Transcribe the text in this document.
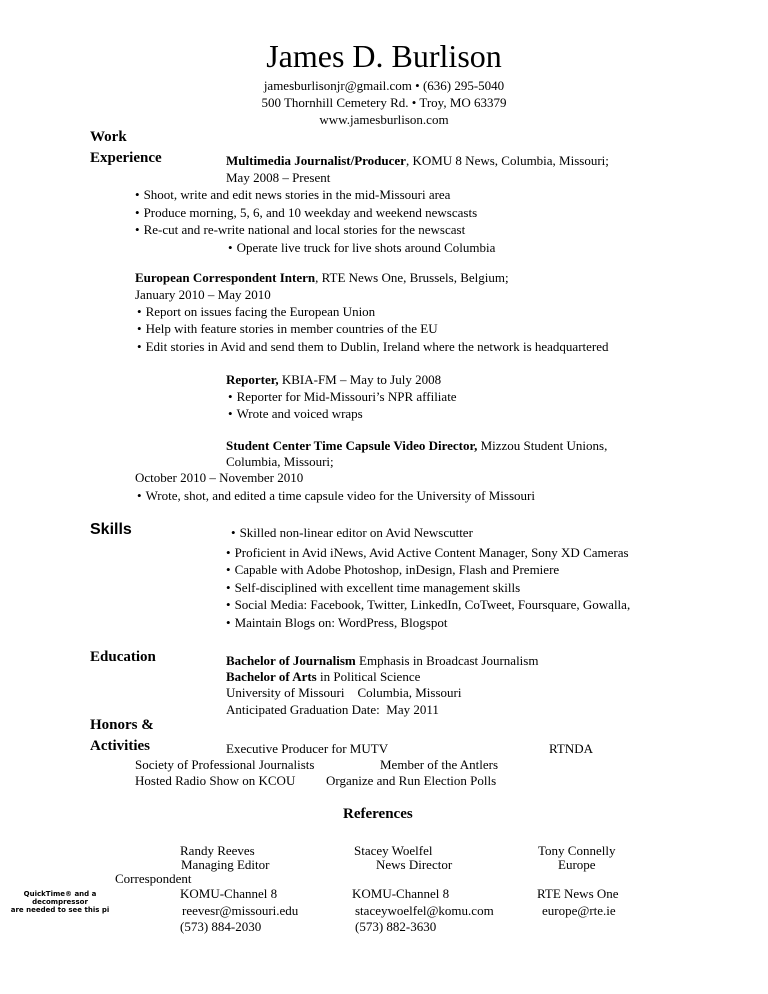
James D. Burlison
jamesburlisonjr@gmail.com • (636) 295-5040
500 Thornhill Cemetery Rd. • Troy, MO 63379
www.jamesburlison.com
Work
Experience	Multimedia Journalist/Producer, KOMU 8 News, Columbia, Missouri;
May 2008 – Present
• Shoot, write and edit news stories in the mid-Missouri area
• Produce morning, 5, 6, and 10 weekday and weekend newscasts
• Re-cut and re-write national and local stories for the newscast
• Operate live truck for live shots around Columbia
European Correspondent Intern, RTE News One, Brussels, Belgium;
January 2010 – May 2010
• Report on issues facing the European Union
• Help with feature stories in member countries of the EU
• Edit stories in Avid and send them to Dublin, Ireland where the network is headquartered
Reporter, KBIA-FM – May to July 2008
• Reporter for Mid-Missouri’s NPR affiliate
• Wrote and voiced wraps
Student Center Time Capsule Video Director, Mizzou Student Unions,
Columbia, Missouri;
October 2010 – November 2010
• Wrote, shot, and edited a time capsule video for the University of Missouri
Skills
•	Skilled non-linear editor on Avid Newscutter
• Proficient in Avid iNews, Avid Active Content Manager, Sony XD Cameras
• Capable with Adobe Photoshop, inDesign, Flash and Premiere
• Self-disciplined with excellent time management skills
• Social Media: Facebook, Twitter, LinkedIn, CoTweet, Foursquare, Gowalla,
• Maintain Blogs on: WordPress, Blogspot
Education	Bachelor of Journalism Emphasis in Broadcast Journalism
Bachelor of Arts in Political Science
University of Missouri    Columbia, Missouri
Anticipated Graduation Date:  May 2011
Honors &
Activities	Executive Producer for MUTV	RTNDA
Society of Professional Journalists	Member of the Antlers
Hosted Radio Show on KCOU Organize and Run Election Polls
References
Randy Reeves	Stacey Woelfel	Tony Connelly
Managing Editor	News Director	Europe
Correspondent
KOMU-Channel 8	KOMU-Channel 8	RTE News One
reevesr@missouri.edu	staceywoelfel@komu.com	europe@rte.ie
(573) 884-2030	(573) 882-3630
QuickTime® and a
decompressor
are needed to see this pi
